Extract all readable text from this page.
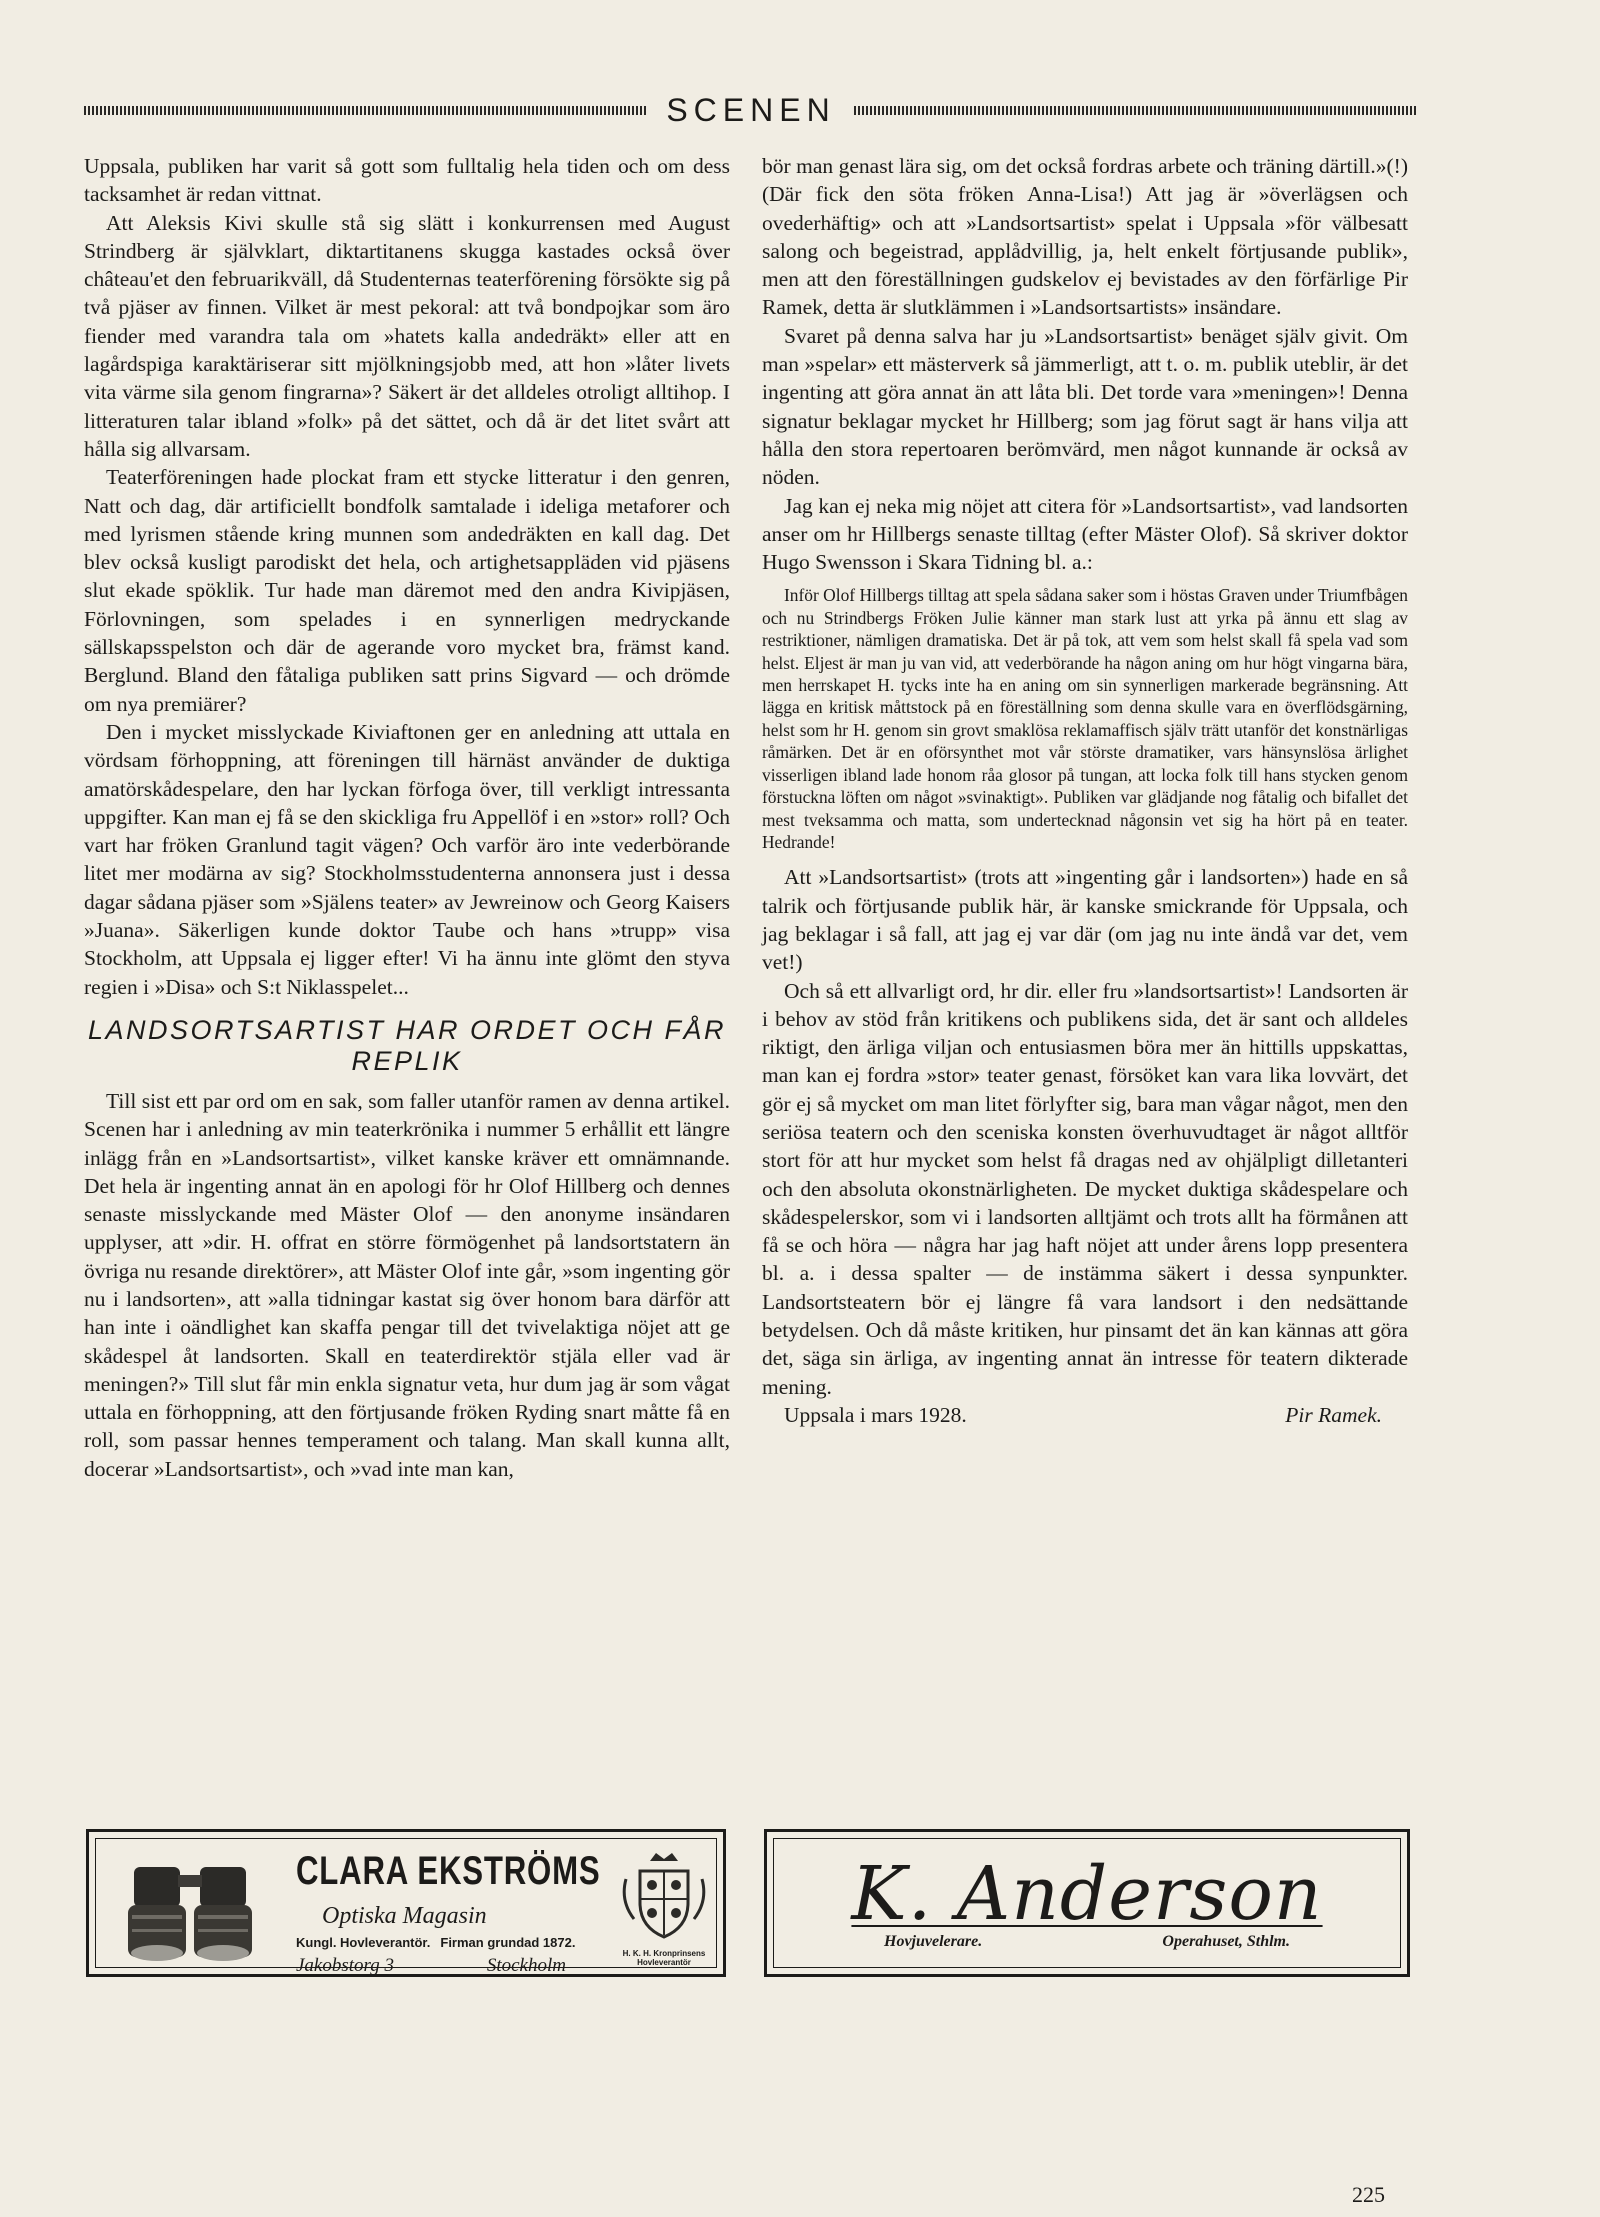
SCENEN

Uppsala, publiken har varit så gott som fulltalig hela tiden och om dess tacksamhet är redan vittnat.

Att Aleksis Kivi skulle stå sig slätt i konkurrensen med August Strindberg är självklart, diktartitanens skugga kastades också över château'et den februarikväll, då Studenternas teaterförening försökte sig på två pjäser av finnen. Vilket är mest pekoral: att två bondpojkar som äro fiender med varandra tala om »hatets kalla andedräkt» eller att en lagårdspiga karaktäriserar sitt mjölkningsjobb med, att hon »låter livets vita värme sila genom fingrarna»? Säkert är det alldeles otroligt alltihop. I litteraturen talar ibland »folk» på det sättet, och då är det litet svårt att hålla sig allvarsam.

Teaterföreningen hade plockat fram ett stycke litteratur i den genren, Natt och dag, där artificiellt bondfolk samtalade i ideliga metaforer och med lyrismen stående kring munnen som andedräkten en kall dag. Det blev också kusligt parodiskt det hela, och artighetsappläden vid pjäsens slut ekade spöklik. Tur hade man däremot med den andra Kivipjäsen, Förlovningen, som spelades i en synnerligen medryckande sällskapsspelston och där de agerande voro mycket bra, främst kand. Berglund. Bland den fåtaliga publiken satt prins Sigvard — och drömde om nya premiärer?

Den i mycket misslyckade Kiviaftonen ger en anledning att uttala en vördsam förhoppning, att föreningen till härnäst använder de duktiga amatörskådespelare, den har lyckan förfoga över, till verkligt intressanta uppgifter. Kan man ej få se den skickliga fru Appellöf i en »stor» roll? Och vart har fröken Granlund tagit vägen? Och varför äro inte vederbörande litet mer modärna av sig? Stockholmsstudenterna annonsera just i dessa dagar sådana pjäser som »Själens teater» av Jewreinow och Georg Kaisers »Juana». Säkerligen kunde doktor Taube och hans »trupp» visa Stockholm, att Uppsala ej ligger efter! Vi ha ännu inte glömt den styva regien i »Disa» och S:t Niklasspelet...

LANDSORTSARTIST HAR ORDET OCH FÅR REPLIK

Till sist ett par ord om en sak, som faller utanför ramen av denna artikel. Scenen har i anledning av min teaterkrönika i nummer 5 erhållit ett längre inlägg från en »Landsortsartist», vilket kanske kräver ett omnämnande. Det hela är ingenting annat än en apologi för hr Olof Hillberg och dennes senaste misslyckande med Mäster Olof — den anonyme insändaren upplyser, att »dir. H. offrat en större förmögenhet på landsortstatern än övriga nu resande direktörer», att Mäster Olof inte går, »som ingenting gör nu i landsorten», att »alla tidningar kastat sig över honom bara därför att han inte i oändlighet kan skaffa pengar till det tvivelaktiga nöjet att ge skådespel åt landsorten. Skall en teaterdirektör stjäla eller vad är meningen?» Till slut får min enkla signatur veta, hur dum jag är som vågat uttala en förhoppning, att den förtjusande fröken Ryding snart måtte få en roll, som passar hennes temperament och talang. Man skall kunna allt, docerar »Landsortsartist», och »vad inte man kan,

bör man genast lära sig, om det också fordras arbete och träning därtill.»(!) (Där fick den söta fröken Anna-Lisa!) Att jag är »överlägsen och ovederhäftig» och att »Landsortsartist» spelat i Uppsala »för välbesatt salong och begeistrad, applådvillig, ja, helt enkelt förtjusande publik», men att den föreställningen gudskelov ej bevistades av den förfärlige Pir Ramek, detta är slutklämmen i »Landsortsartists» insändare.

Svaret på denna salva har ju »Landsortsartist» benäget själv givit. Om man »spelar» ett mästerverk så jämmerligt, att t. o. m. publik uteblir, är det ingenting att göra annat än att låta bli. Det torde vara »meningen»! Denna signatur beklagar mycket hr Hillberg; som jag förut sagt är hans vilja att hålla den stora repertoaren berömvärd, men något kunnande är också av nöden.

Jag kan ej neka mig nöjet att citera för »Landsortsartist», vad landsorten anser om hr Hillbergs senaste tilltag (efter Mäster Olof). Så skriver doktor Hugo Swensson i Skara Tidning bl. a.:

Inför Olof Hillbergs tilltag att spela sådana saker som i höstas Graven under Triumfbågen och nu Strindbergs Fröken Julie känner man stark lust att yrka på ännu ett slag av restriktioner, nämligen dramatiska. Det är på tok, att vem som helst skall få spela vad som helst. Eljest är man ju van vid, att vederbörande ha någon aning om hur högt vingarna bära, men herrskapet H. tycks inte ha en aning om sin synnerligen markerade begränsning. Att lägga en kritisk måttstock på en föreställning som denna skulle vara en överflödsgärning, helst som hr H. genom sin grovt smaklösa reklamaffisch själv trätt utanför det konstnärligas råmärken. Det är en oförsynthet mot vår störste dramatiker, vars hänsynslösa ärlighet visserligen ibland lade honom råa glosor på tungan, att locka folk till hans stycken genom förstuckna löften om något »svinaktigt». Publiken var glädjande nog fåtalig och bifallet det mest tveksamma och matta, som undertecknad någonsin vet sig ha hört på en teater. Hedrande!

Att »Landsortsartist» (trots att »ingenting går i landsorten») hade en så talrik och förtjusande publik här, är kanske smickrande för Uppsala, och jag beklagar i så fall, att jag ej var där (om jag nu inte ändå var det, vem vet!)

Och så ett allvarligt ord, hr dir. eller fru »landsortsartist»! Landsorten är i behov av stöd från kritikens och publikens sida, det är sant och alldeles riktigt, den ärliga viljan och entusiasmen böra mer än hittills uppskattas, man kan ej fordra »stor» teater genast, försöket kan vara lika lovvärt, det gör ej så mycket om man litet förlyfter sig, bara man vågar något, men den seriösa teatern och den sceniska konsten överhuvudtaget är något alltför stort för att hur mycket som helst få dragas ned av ohjälpligt dilletanteri och den absoluta okonstnärligheten. De mycket duktiga skådespelare och skådespelerskor, som vi i landsorten alltjämt och trots allt ha förmånen att få se och höra — några har jag haft nöjet att under årens lopp presentera bl. a. i dessa spalter — de instämma säkert i dessa synpunkter. Landsortsteatern bör ej längre få vara landsort i den nedsättande betydelsen. Och då måste kritiken, hur pinsamt det än kan kännas att göra det, säga sin ärliga, av ingenting annat än intresse för teatern dikterade mening.

Uppsala i mars 1928.	Pir Ramek.

CLARA EKSTRÖMS
Optiska Magasin
Kungl. Hovleverantör. Firman grundad 1872.
Jakobstorg 3	Stockholm
H. K. H. Kronprinsens
Hovleverantör
K. Anderson
Hovjuvelerare.	Operahuset, Sthlm.
225
